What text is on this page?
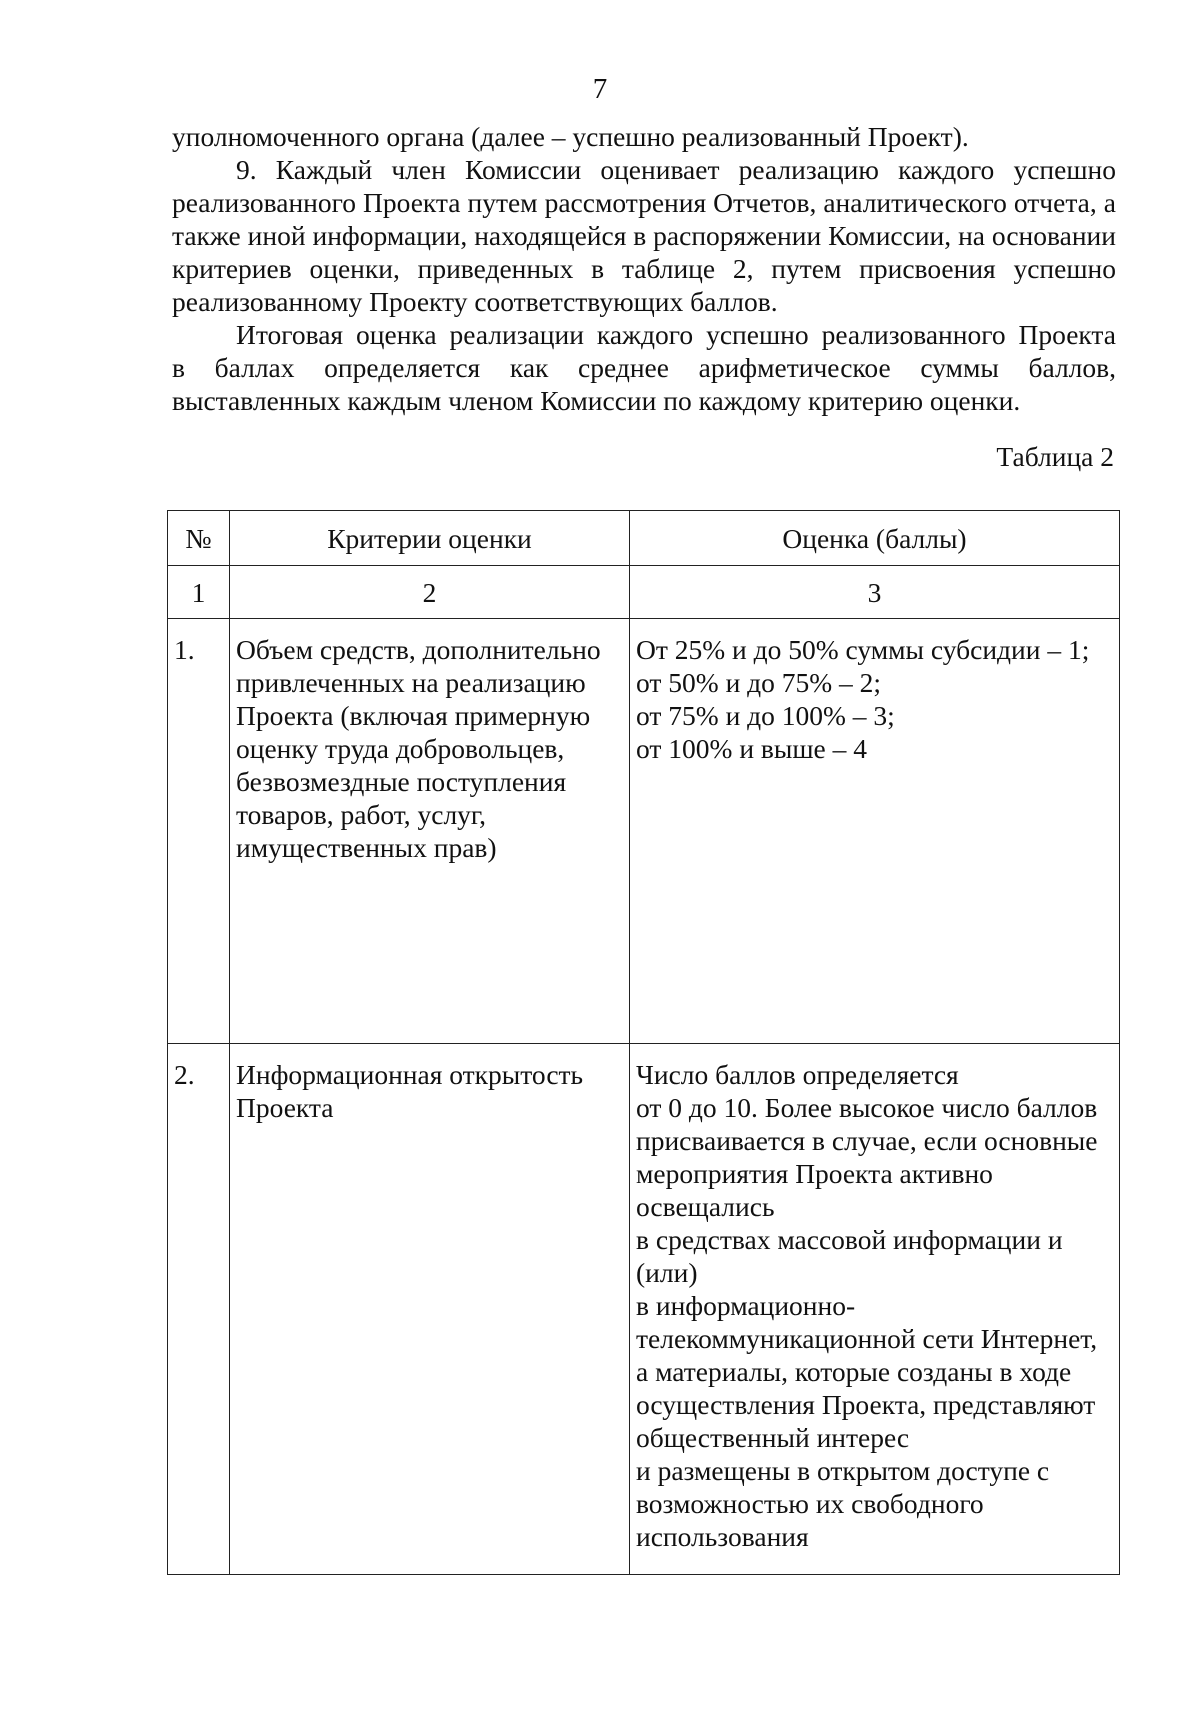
7

уполномоченного органа (далее – успешно реализованный Проект).

9. Каждый член Комиссии оценивает реализацию каждого успешно

реализованного Проекта путем рассмотрения Отчетов, аналитического отчета, а также иной информации, находящейся в распоряжении Комиссии, на основании критериев оценки, приведенных в таблице 2, путем присвоения успешно реализованному Проекту соответствующих баллов.

Итоговая оценка реализации каждого успешно реализованного Проекта

в баллах определяется как среднее арифметическое суммы баллов, выставленных каждым членом Комиссии по каждому критерию оценки.

Таблица 2
№	Критерии оценки	Оценка (баллы)
1	2	3
1.	Объем средств, дополнительно привлеченных на реализацию Проекта (включая примерную оценку труда добровольцев, безвозмездные поступления товаров, работ, услуг, имущественных прав)	От 25% и до 50% суммы субсидии – 1;
от 50% и до 75% – 2;
от 75% и до 100% – 3;
от 100% и выше – 4
2.	Информационная открытость Проекта	Число баллов определяется
от 0 до 10. Более высокое число баллов присваивается в случае, если основные мероприятия Проекта активно освещались
в средствах массовой информации и (или)
в информационно-телекоммуникационной сети Интернет, а материалы, которые созданы в ходе осуществления Проекта, представляют общественный интерес
и размещены в открытом доступе с возможностью их свободного использования
